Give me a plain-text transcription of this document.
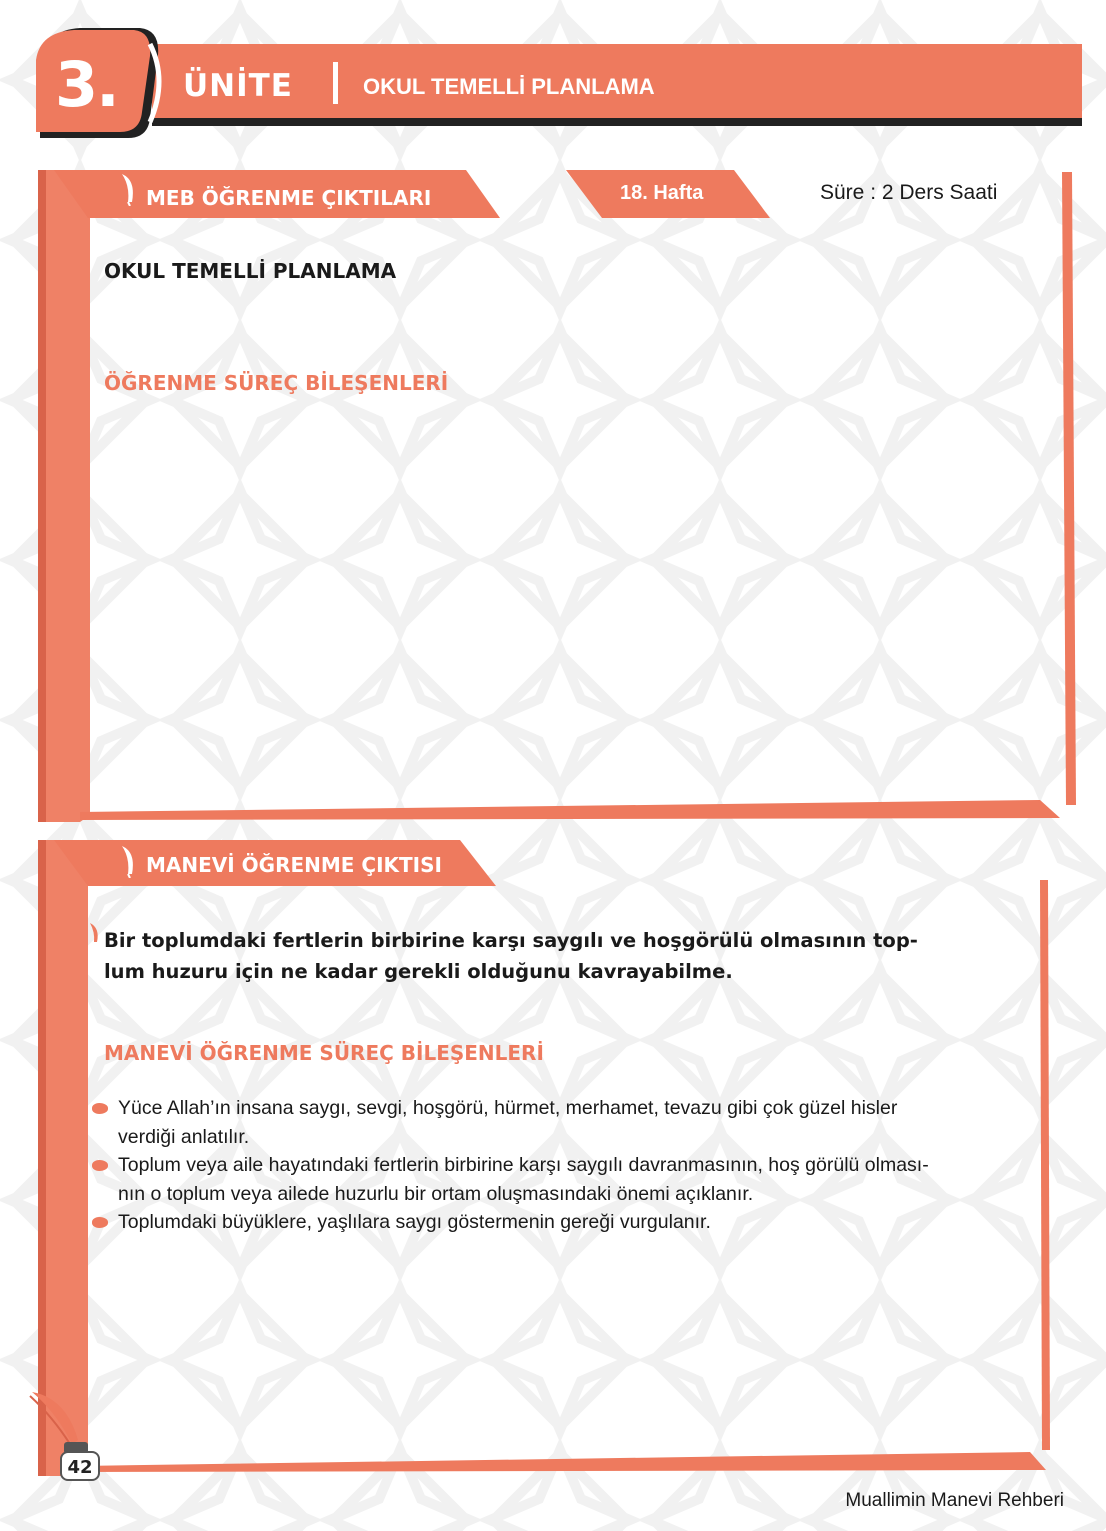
3. ÜNİTE	OKUL TEMELLİ PLANLAMA
MEB ÖĞRENME ÇIKTILARI	18. Hafta	Süre : 2 Ders Saati
OKUL TEMELLİ PLANLAMA
ÖĞRENME SÜREÇ BİLEŞENLERİ
MANEVİ ÖĞRENME ÇIKTISI
Bir toplumdaki fertlerin birbirine karşı saygılı ve hoşgörülü olmasının top-
lum huzuru için ne kadar gerekli olduğunu kavrayabilme.
MANEVİ ÖĞRENME SÜREÇ BİLEŞENLERİ
Yüce Allah’ın insana saygı, sevgi, hoşgörü, hürmet, merhamet, tevazu gibi çok güzel hisler
verdiği anlatılır.
Toplum veya aile hayatındaki fertlerin birbirine karşı saygılı davranmasının, hoş görülü olması-
nın o toplum veya ailede huzurlu bir ortam oluşmasındaki önemi açıklanır.
Toplumdaki büyüklere, yaşlılara saygı göstermenin gereği vurgulanır.
42
Muallimin Manevi Rehberi
